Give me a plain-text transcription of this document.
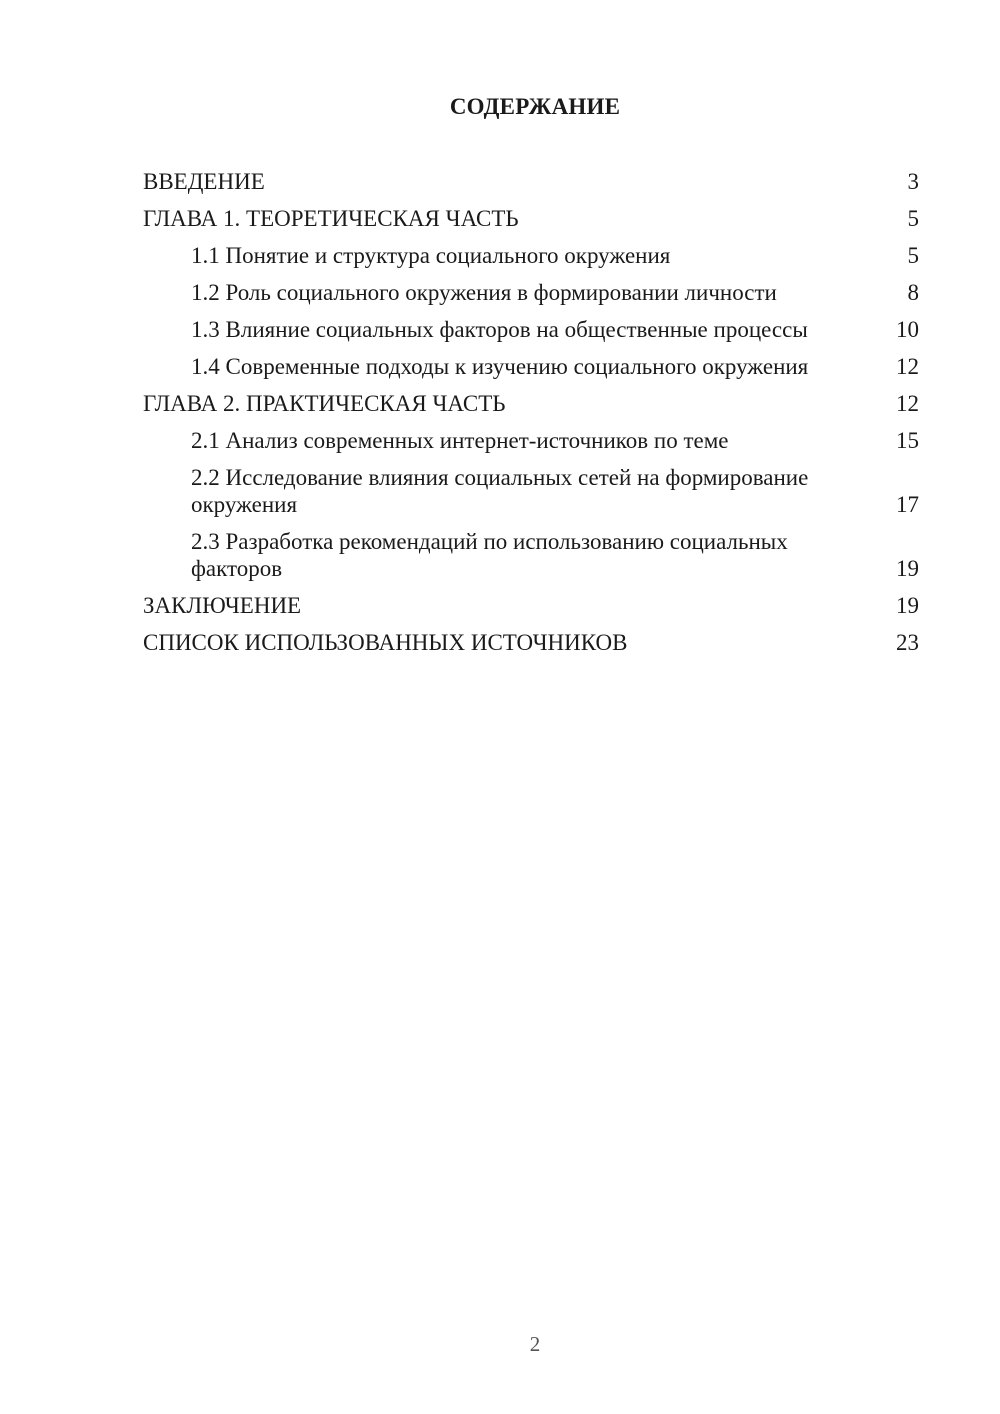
СОДЕРЖАНИЕ
ВВЕДЕНИЕ	3
ГЛАВА 1. ТЕОРЕТИЧЕСКАЯ ЧАСТЬ	5
1.1 Понятие и структура социального окружения	5
1.2 Роль социального окружения в формировании личности	8
1.3 Влияние социальных факторов на общественные процессы	10
1.4 Современные подходы к изучению социального окружения	12
ГЛАВА 2. ПРАКТИЧЕСКАЯ ЧАСТЬ	12
2.1 Анализ современных интернет-источников по теме	15
2.2 Исследование влияния социальных сетей на формирование окружения	17
2.3 Разработка рекомендаций по использованию социальных факторов	19
ЗАКЛЮЧЕНИЕ	19
СПИСОК ИСПОЛЬЗОВАННЫХ ИСТОЧНИКОВ	23
2
